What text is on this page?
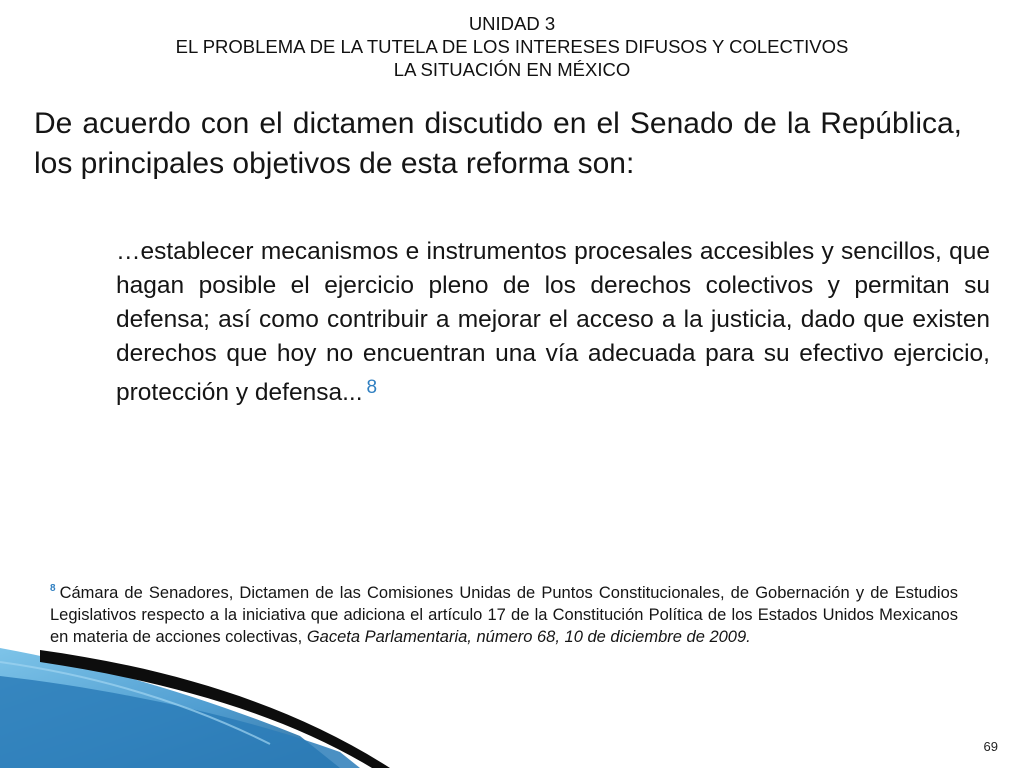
UNIDAD 3
EL PROBLEMA DE LA TUTELA DE LOS INTERESES DIFUSOS Y COLECTIVOS
LA SITUACIÓN EN MÉXICO
De acuerdo con el dictamen discutido en el Senado de la República, los principales objetivos de esta reforma son:
…establecer mecanismos e instrumentos procesales accesibles y sencillos, que hagan posible el ejercicio pleno de los derechos colectivos y permitan su defensa; así como contribuir a mejorar el acceso a la justicia, dado que existen derechos que hoy no encuentran una vía adecuada para su efectivo ejercicio, protección y defensa... $^8$
$^8$ Cámara de Senadores, Dictamen de las Comisiones Unidas de Puntos Constitucionales, de Gobernación y de Estudios Legislativos respecto a la iniciativa que adiciona el artículo 17 de la Constitución Política de los Estados Unidos Mexicanos en materia de acciones colectivas, Gaceta Parlamentaria, número 68, 10 de diciembre de 2009.
69
